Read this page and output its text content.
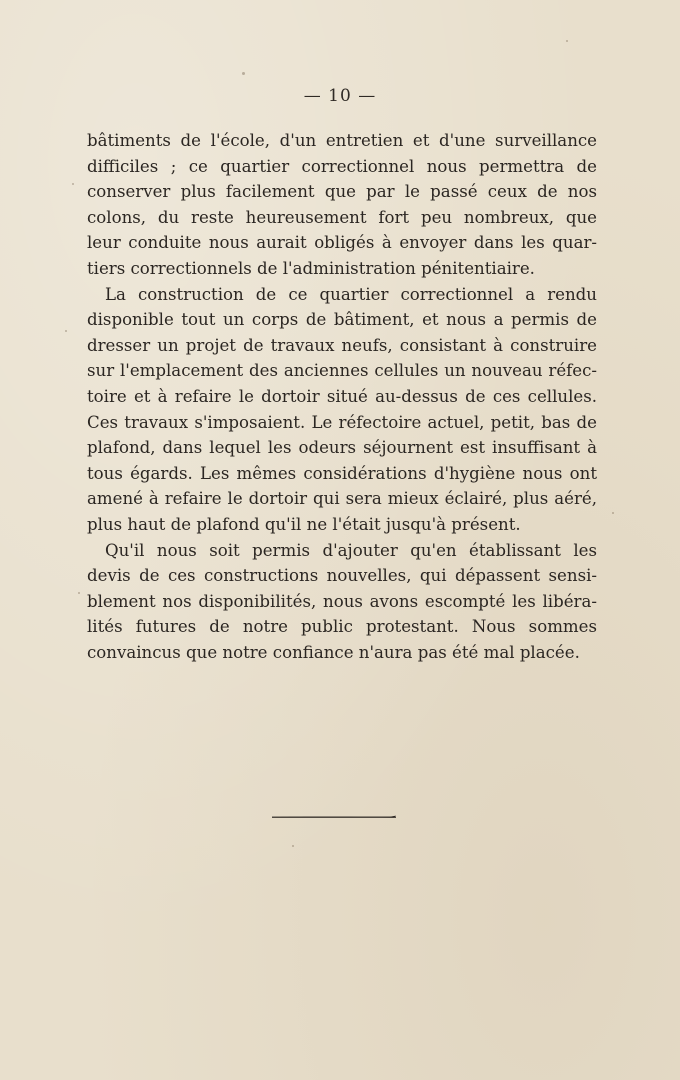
— 10 —
bâtiments de l'école, d'un entretien et d'une surveillance
difficiles ; ce quartier correctionnel nous permettra de
conserver plus facilement que par le passé ceux de nos
colons, du reste heureusement fort peu nombreux, que
leur conduite nous aurait obligés à envoyer dans les quar-
tiers correctionnels de l'administration pénitentiaire.
La construction de ce quartier correctionnel a rendu
disponible tout un corps de bâtiment, et nous a permis de
dresser un projet de travaux neufs, consistant à construire
sur l'emplacement des anciennes cellules un nouveau réfec-
toire et à refaire le dortoir situé au-dessus de ces cellules.
Ces travaux s'imposaient. Le réfectoire actuel, petit, bas de
plafond, dans lequel les odeurs séjournent est insuffisant à
tous égards. Les mêmes considérations d'hygiène nous ont
amené à refaire le dortoir qui sera mieux éclairé, plus aéré,
plus haut de plafond qu'il ne l'était jusqu'à présent.
Qu'il nous soit permis d'ajouter qu'en établissant les
devis de ces constructions nouvelles, qui dépassent sensi-
blement nos disponibilités, nous avons escompté les libéra-
lités futures de notre public protestant. Nous sommes
convaincus que notre confiance n'aura pas été mal placée.
